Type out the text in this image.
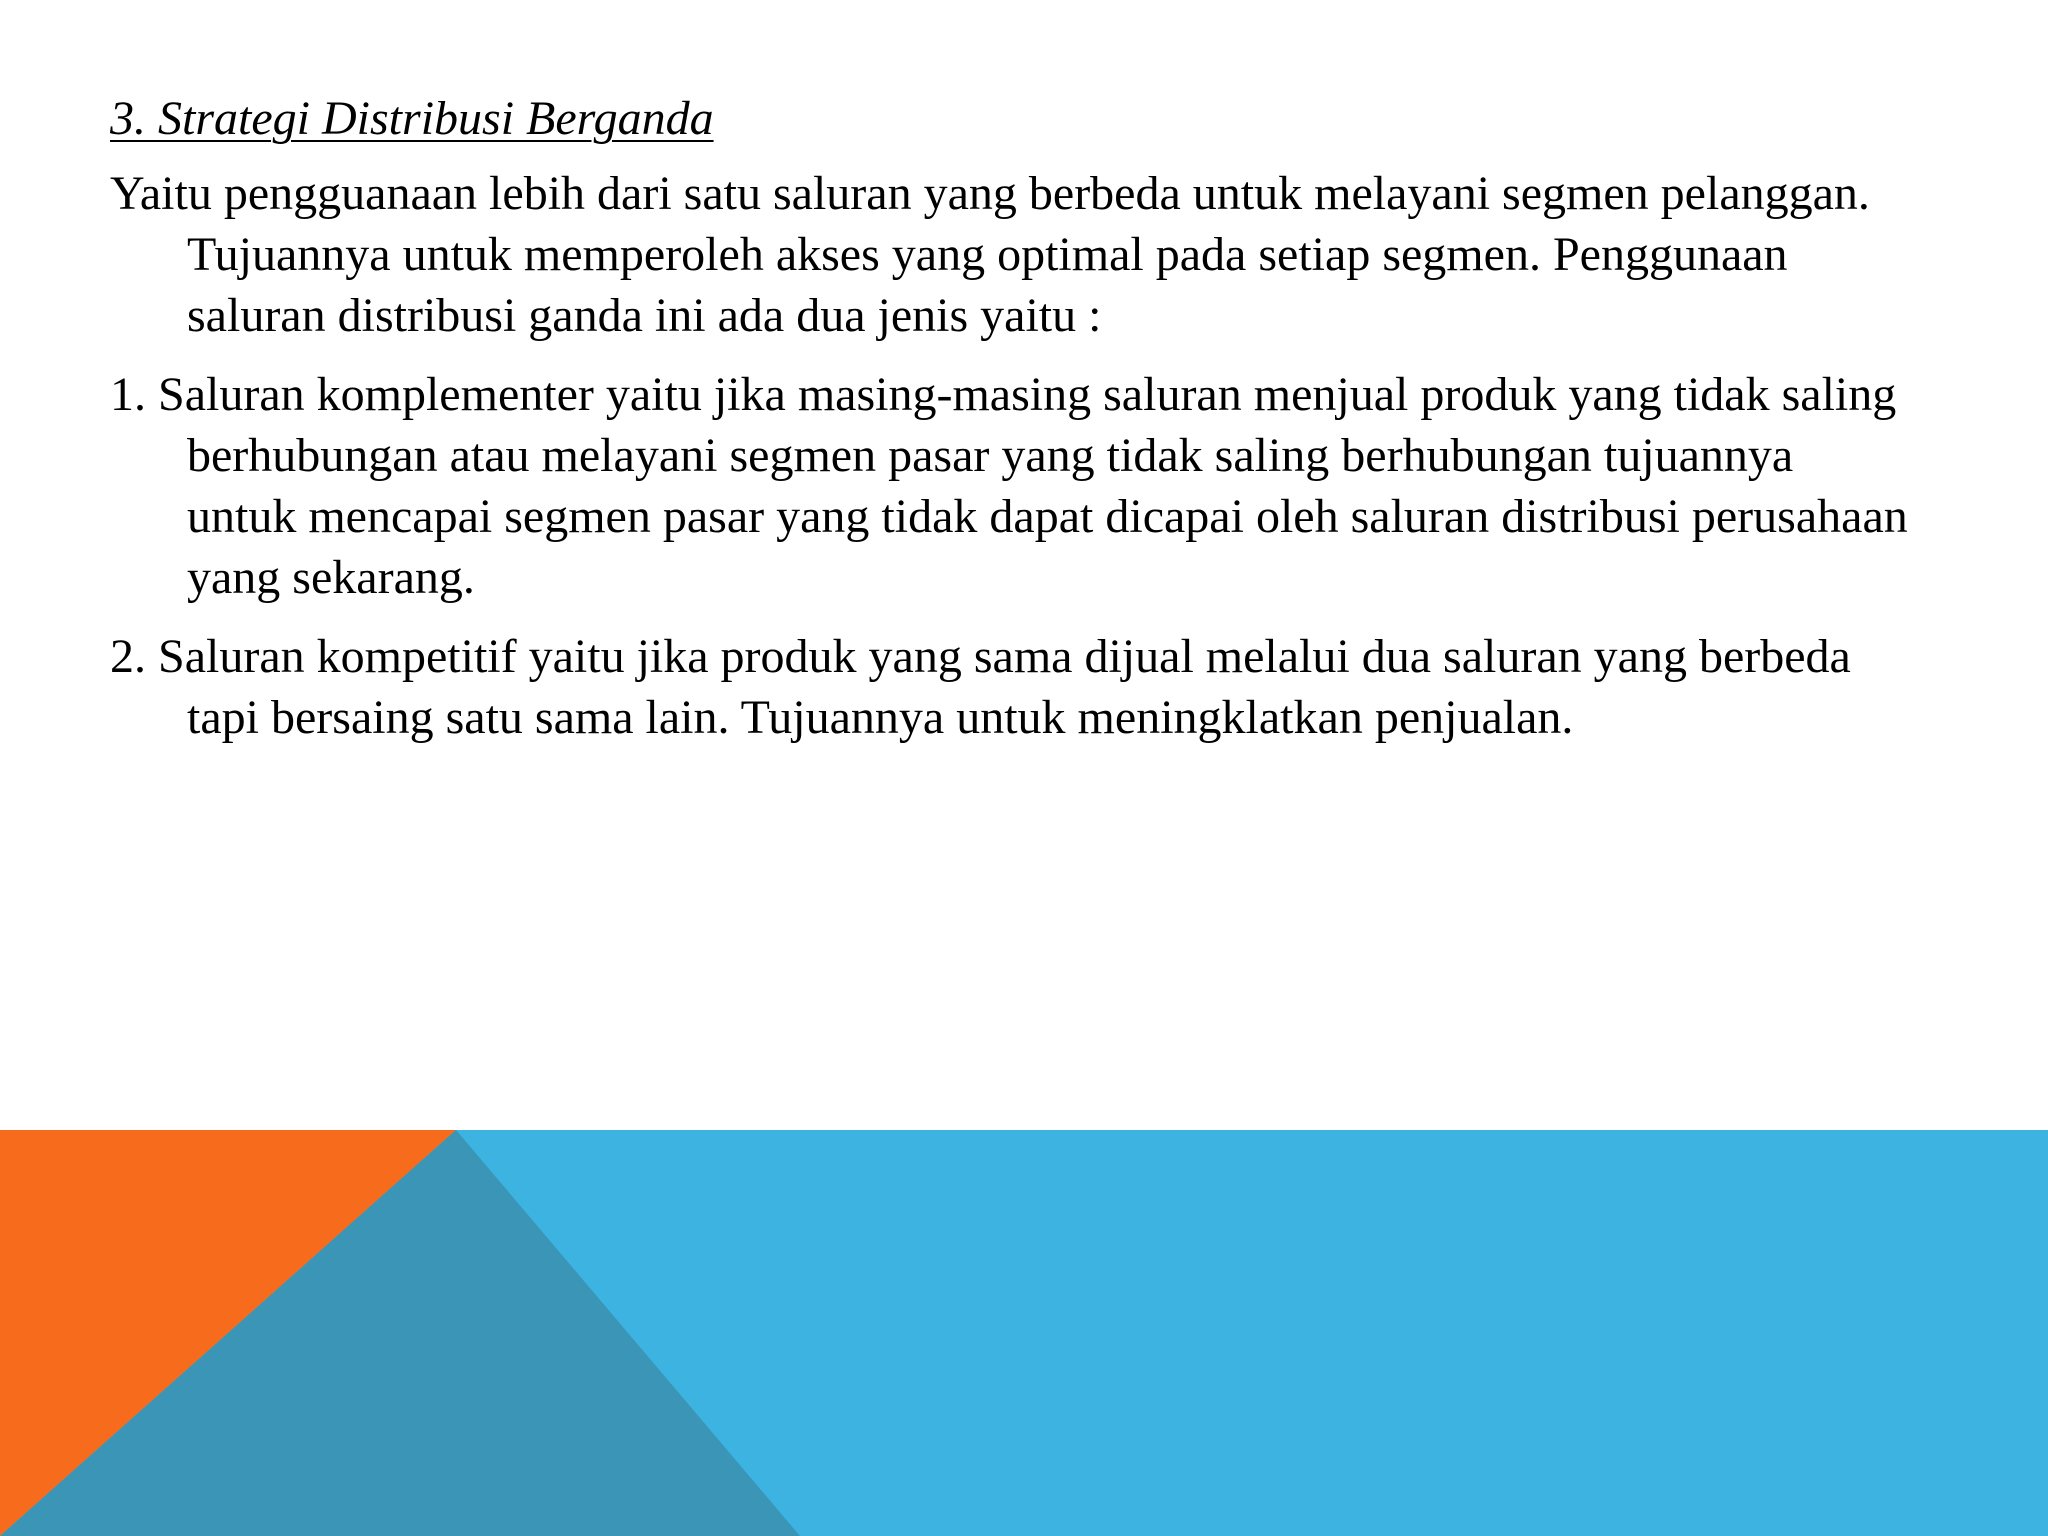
3. Strategi Distribusi Berganda

Yaitu pengguanaan lebih dari satu saluran yang berbeda untuk melayani segmen pelanggan. Tujuannya untuk memperoleh akses yang optimal pada setiap segmen. Penggunaan saluran distribusi ganda ini ada dua jenis yaitu :

1. Saluran komplementer yaitu jika masing-masing saluran menjual produk yang tidak saling berhubungan atau melayani segmen pasar yang tidak saling berhubungan tujuannya untuk mencapai segmen pasar yang tidak dapat dicapai oleh saluran distribusi perusahaan yang sekarang.

2. Saluran kompetitif yaitu jika produk yang sama dijual melalui dua saluran yang berbeda tapi bersaing satu sama lain. Tujuannya untuk meningklatkan penjualan.
